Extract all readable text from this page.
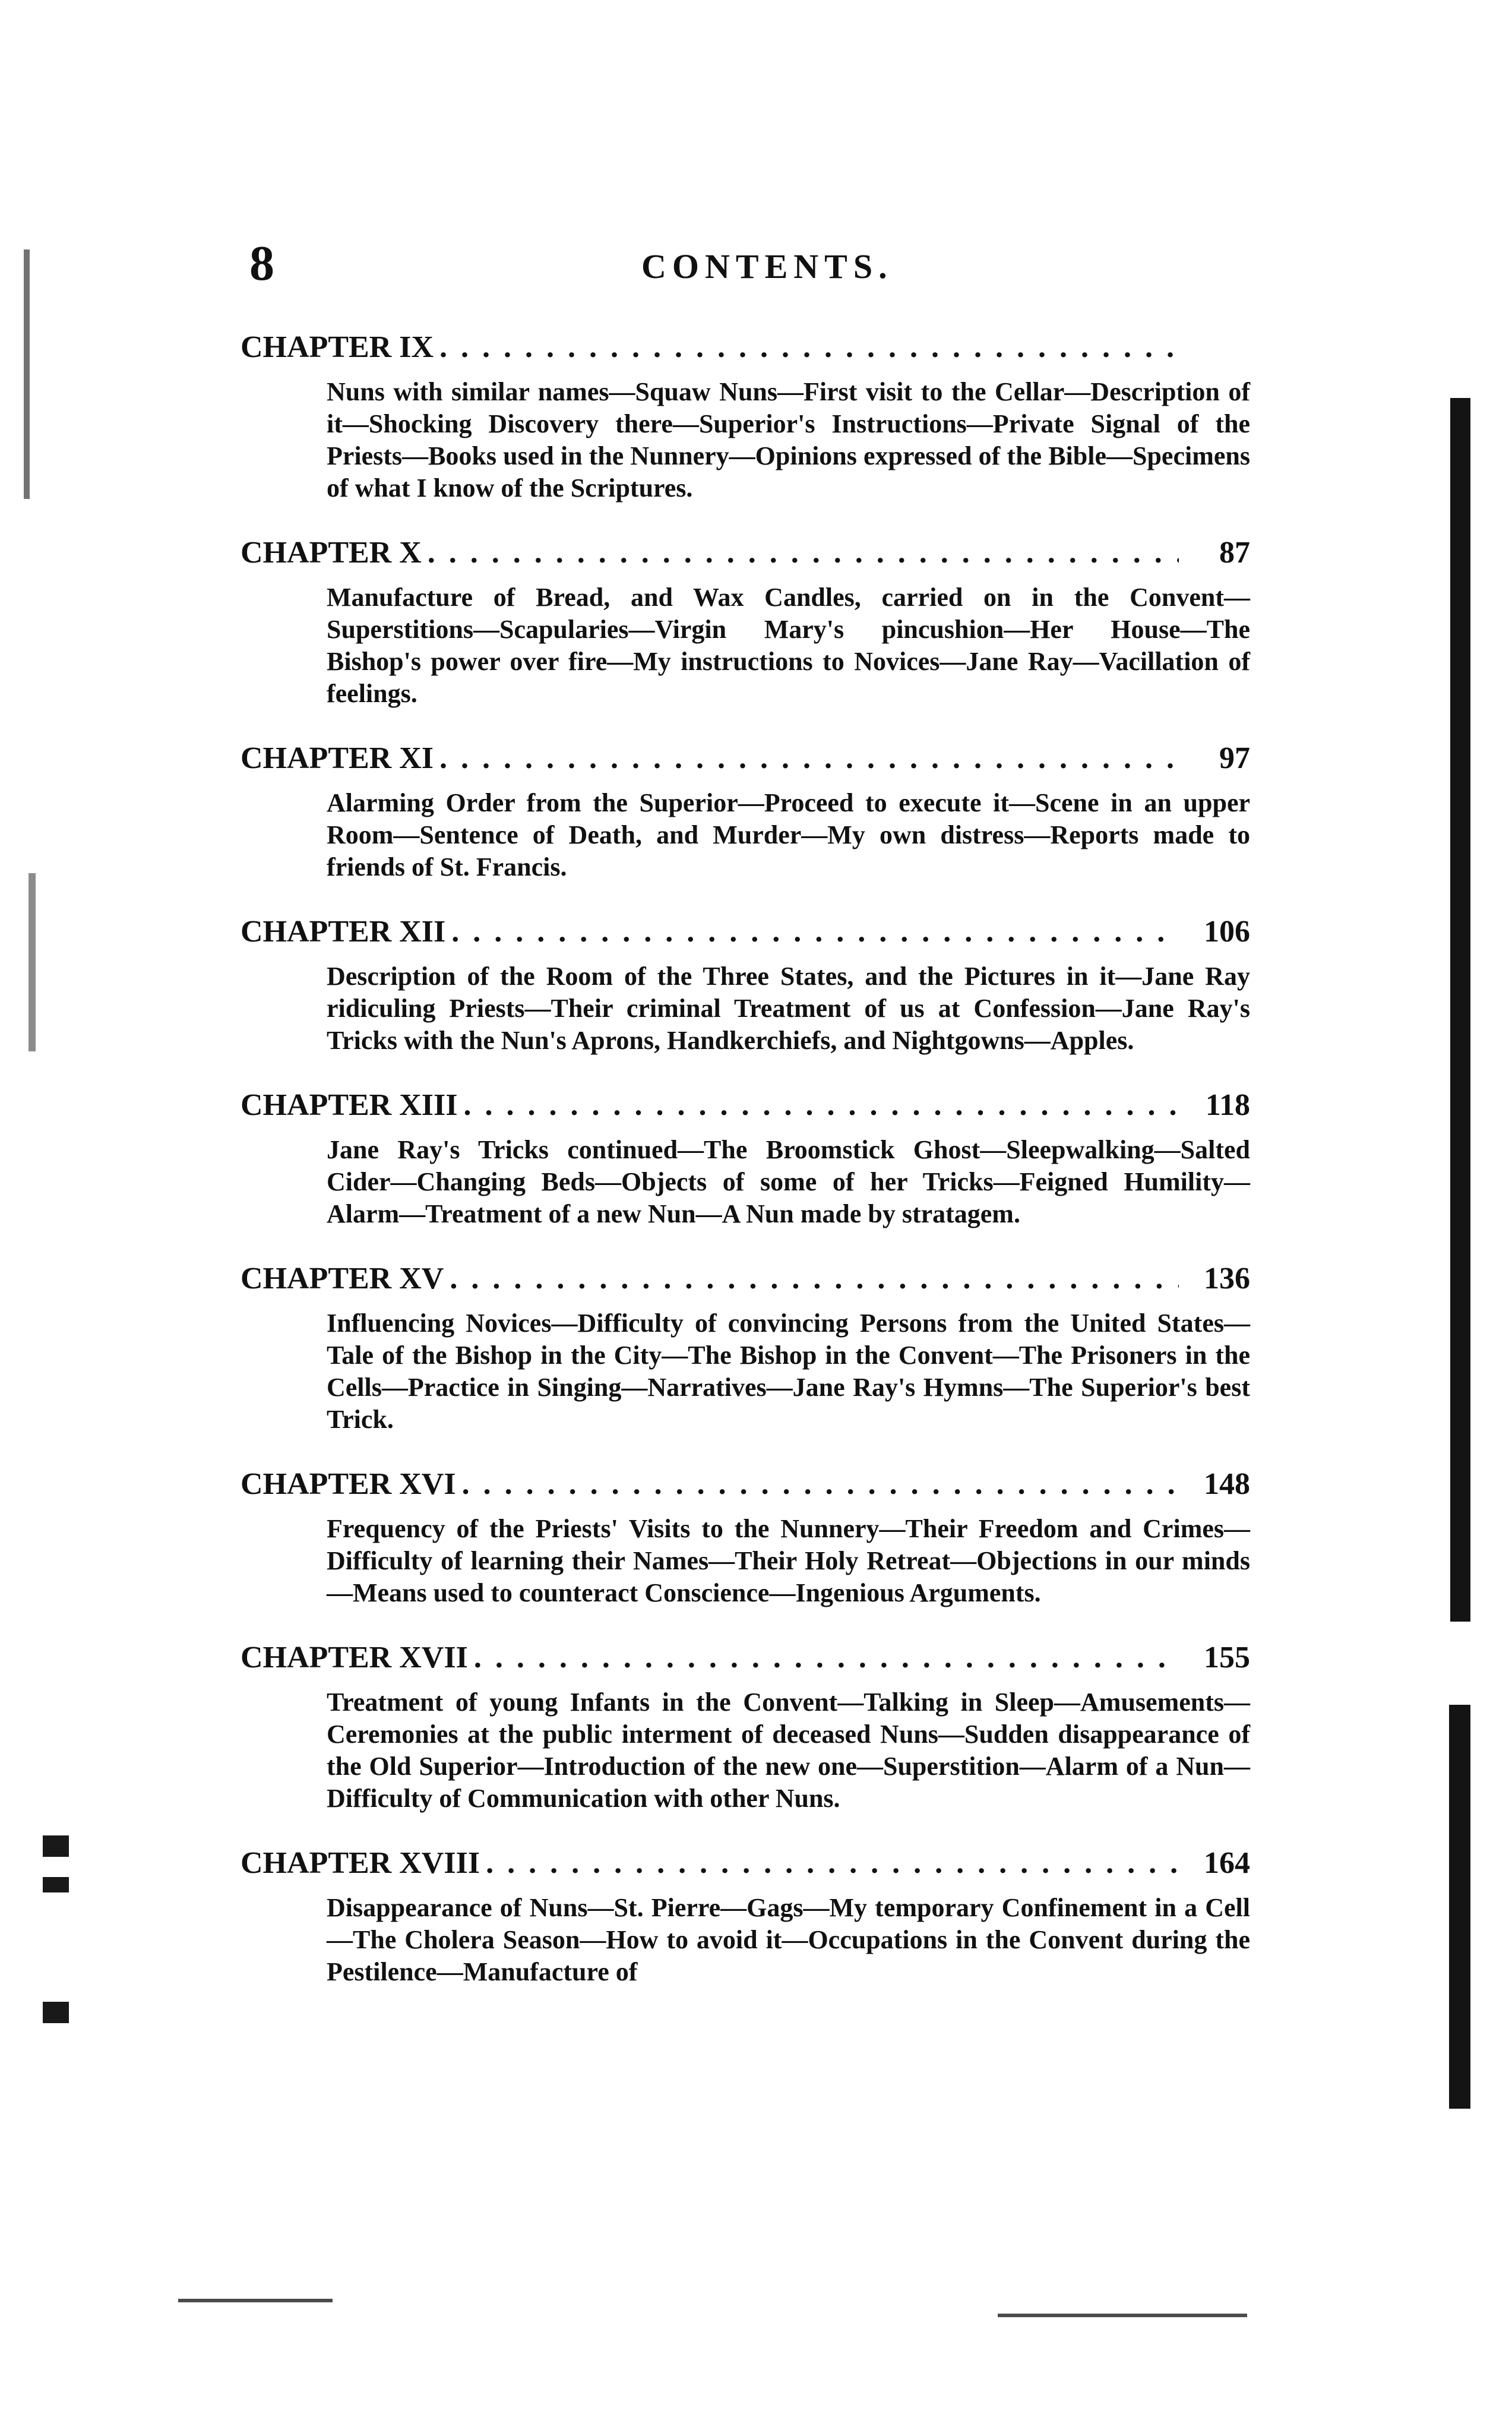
8	CONTENTS.
CHAPTER IX
. . .

Nuns with similar names—Squaw Nuns—First visit to the Cellar—Description of it—Shocking Discovery there—Superior's Instructions—Private Signal of the Priests—Books used in the Nunnery—Opinions expressed of the Bible—Specimens of what I know of the Scriptures.

CHAPTER X . . .	87

Manufacture of Bread, and Wax Candles, carried on in the Convent—Superstitions—Scapularies—Virgin Mary's pincushion—Her House—The Bishop's power over fire—My instructions to Novices—Jane Ray—Vacillation of feelings.

CHAPTER XI . . .	97

Alarming Order from the Superior—Proceed to execute it—Scene in an upper Room—Sentence of Death, and Murder—My own distress—Reports made to friends of St. Francis.

CHAPTER XII . . .	106

Description of the Room of the Three States, and the Pictures in it—Jane Ray ridiculing Priests—Their criminal Treatment of us at Confession—Jane Ray's Tricks with the Nun's Aprons, Handkerchiefs, and Nightgowns—Apples.

CHAPTER XIII . . .	118

Jane Ray's Tricks continued—The Broomstick Ghost—Sleepwalking—Salted Cider—Changing Beds—Objects of some of her Tricks—Feigned Humility—Alarm—Treatment of a new Nun—A Nun made by stratagem.

CHAPTER XV . . .	136

Influencing Novices—Difficulty of convincing Persons from the United States—Tale of the Bishop in the City—The Bishop in the Convent—The Prisoners in the Cells—Practice in Singing—Narratives—Jane Ray's Hymns—The Superior's best Trick.

CHAPTER XVI . . .	148

Frequency of the Priests' Visits to the Nunnery—Their Freedom and Crimes—Difficulty of learning their Names—Their Holy Retreat—Objections in our minds—Means used to counteract Conscience—Ingenious Arguments.

CHAPTER XVII . . .	155

Treatment of young Infants in the Convent—Talking in Sleep—Amusements—Ceremonies at the public interment of deceased Nuns—Sudden disappearance of the Old Superior—Introduction of the new one—Superstition—Alarm of a Nun—Difficulty of Communication with other Nuns.

CHAPTER XVIII . . .	164

Disappearance of Nuns—St. Pierre—Gags—My temporary Confinement in a Cell—The Cholera Season—How to avoid it—Occupations in the Convent during the Pestilence—Manufacture of
